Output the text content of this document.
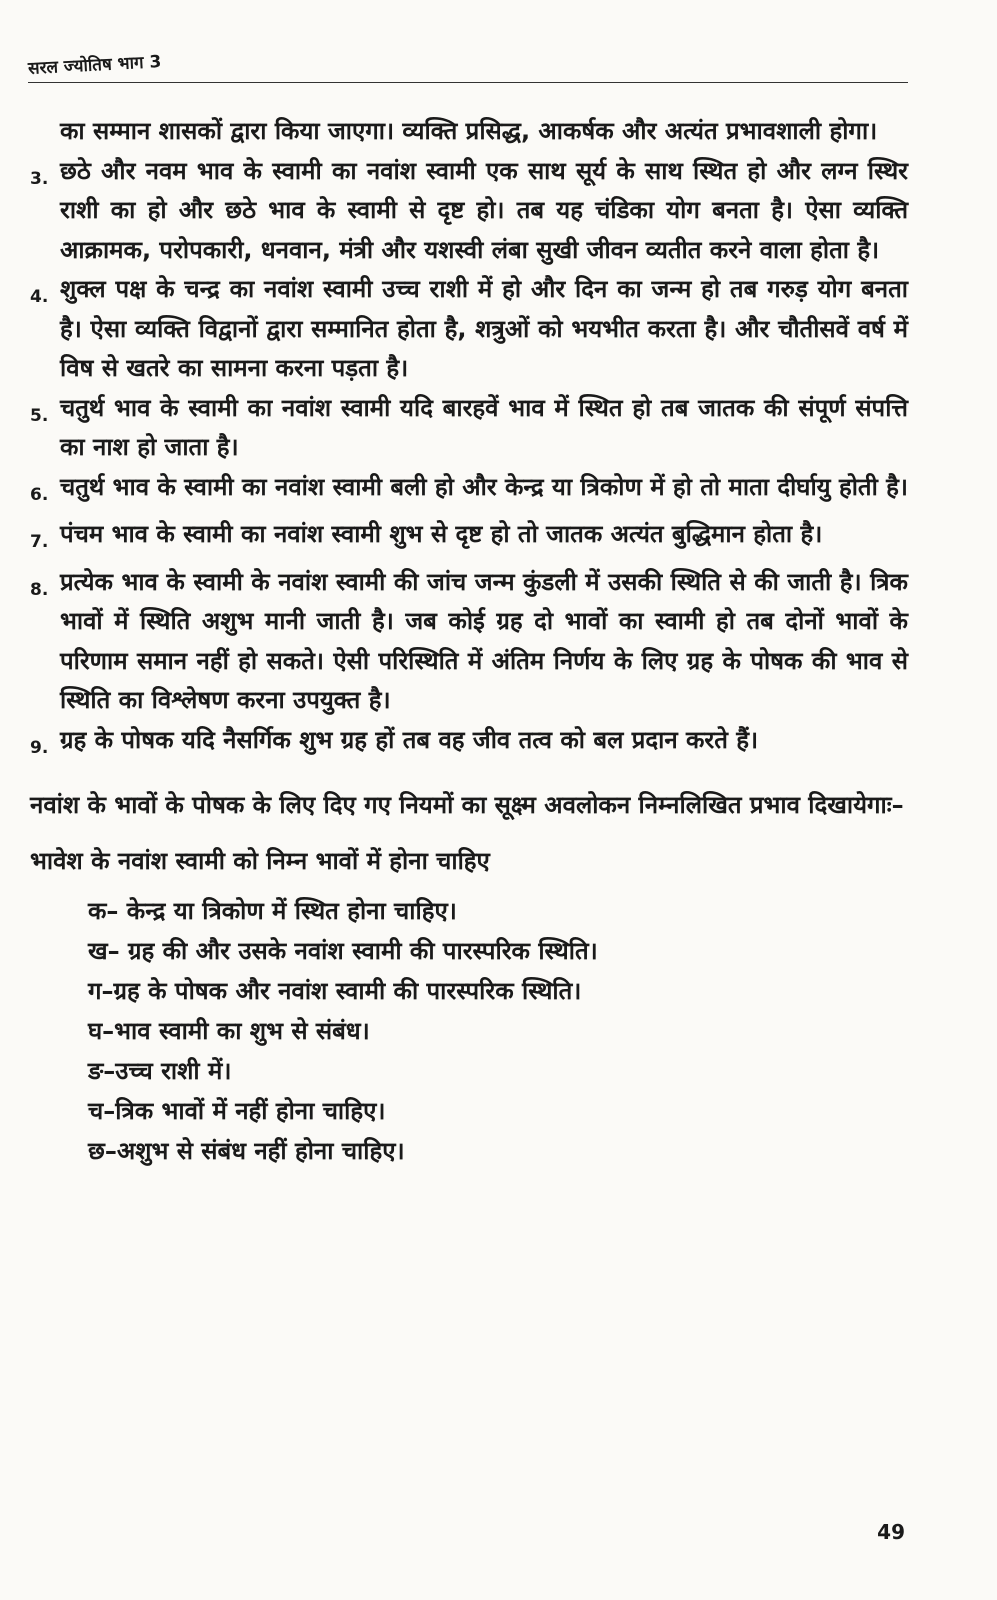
सरल ज्योतिष भाग 3

का सम्मान शासकों द्वारा किया जाएगा। व्यक्ति प्रसिद्ध, आकर्षक और अत्यंत प्रभावशाली होगा।

3. छठे और नवम भाव के स्वामी का नवांश स्वामी एक साथ सूर्य के साथ स्थित हो और लग्न स्थिर राशी का हो और छठे भाव के स्वामी से दृष्ट हो। तब यह चंडिका योग बनता है। ऐसा व्यक्ति आक्रामक, परोपकारी, धनवान, मंत्री और यशस्वी लंबा सुखी जीवन व्यतीत करने वाला होता है।

4. शुक्ल पक्ष के चन्द्र का नवांश स्वामी उच्च राशी में हो और दिन का जन्म हो तब गरुड़ योग बनता है। ऐसा व्यक्ति विद्वानों द्वारा सम्मानित होता है, शत्रुओं को भयभीत करता है। और चौतीसवें वर्ष में विष से खतरे का सामना करना पड़ता है।

5. चतुर्थ भाव के स्वामी का नवांश स्वामी यदि बारहवें भाव में स्थित हो तब जातक की संपूर्ण संपत्ति का नाश हो जाता है।

6. चतुर्थ भाव के स्वामी का नवांश स्वामी बली हो और केन्द्र या त्रिकोण में हो तो माता दीर्घायु होती है।

7. पंचम भाव के स्वामी का नवांश स्वामी शुभ से दृष्ट हो तो जातक अत्यंत बुद्धिमान होता है।

8. प्रत्येक भाव के स्वामी के नवांश स्वामी की जांच जन्म कुंडली में उसकी स्थिति से की जाती है। त्रिक भावों में स्थिति अशुभ मानी जाती है। जब कोई ग्रह दो भावों का स्वामी हो तब दोनों भावों के परिणाम समान नहीं हो सकते। ऐसी परिस्थिति में अंतिम निर्णय के लिए ग्रह के पोषक की भाव से स्थिति का विश्लेषण करना उपयुक्त है।

9. ग्रह के पोषक यदि नैसर्गिक शुभ ग्रह हों तब वह जीव तत्व को बल प्रदान करते हैं।

नवांश के भावों के पोषक के लिए दिए गए नियमों का सूक्ष्म अवलोकन निम्नलिखित प्रभाव दिखायेगाः–

भावेश के नवांश स्वामी को निम्न भावों में होना चाहिए

क– केन्द्र या त्रिकोण में स्थित होना चाहिए।

ख– ग्रह की और उसके नवांश स्वामी की पारस्परिक स्थिति।

ग–ग्रह के पोषक और नवांश स्वामी की पारस्परिक स्थिति।

घ–भाव स्वामी का शुभ से संबंध।

ङ–उच्च राशी में।

च–त्रिक भावों में नहीं होना चाहिए।

छ–अशुभ से संबंध नहीं होना चाहिए।

49
